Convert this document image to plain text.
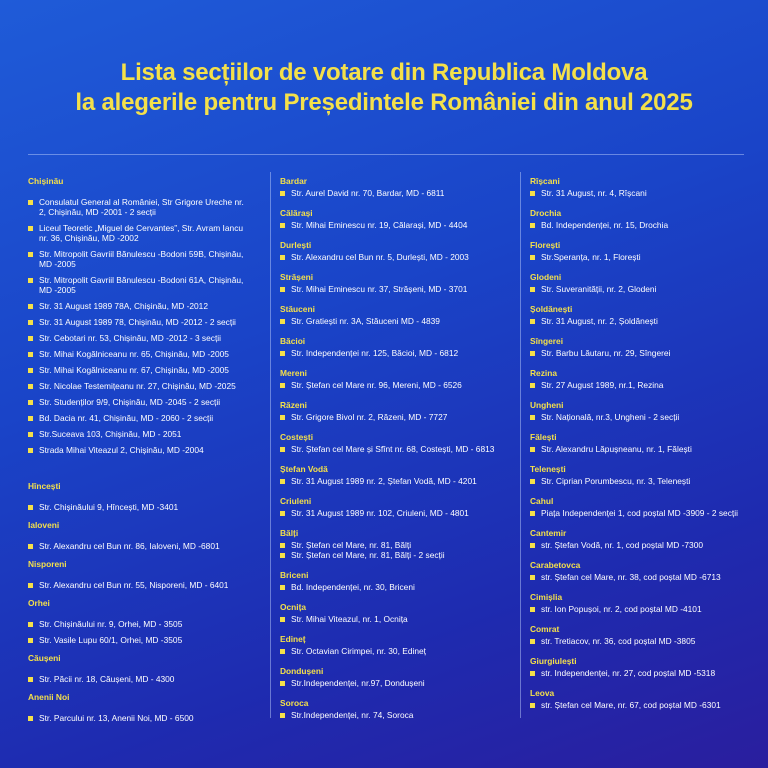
Lista secțiilor de votare din Republica Moldova
la alegerile pentru Președintele României din anul 2025
Chișinău
Consulatul General al României, Str Grigore Ureche nr. 2, Chișinău, MD -2001 - 2 secții
Liceul Teoretic „Miguel de Cervantes”, Str. Avram Iancu nr. 36, Chișinău, MD -2002
Str. Mitropolit Gavriil Bănulescu -Bodoni 59B, Chișinău, MD -2005
Str. Mitropolit Gavriil Bănulescu -Bodoni 61A, Chișinău, MD -2005
Str. 31 August 1989 78A, Chișinău, MD -2012
Str. 31 August 1989 78, Chișinău, MD -2012 - 2 secții
Str. Cebotari nr. 53, Chișinău, MD -2012 - 3 secții
Str. Mihai Kogălniceanu nr. 65, Chișinău, MD -2005
Str. Mihai Kogălniceanu nr. 67, Chișinău, MD -2005
Str. Nicolae Testemițeanu nr. 27, Chișinău, MD -2025
Str. Studenților 9/9, Chișinău, MD -2045 - 2 secții
Bd. Dacia nr. 41, Chișinău, MD - 2060 - 2 secții
Str.Suceava 103, Chișinău, MD - 2051
Strada Mihai Viteazul 2, Chișinău, MD -2004
Hîncești
Str. Chișinăului 9, Hîncești, MD -3401
Ialoveni
Str. Alexandru cel Bun nr. 86, Ialoveni, MD -6801
Nisporeni
Str. Alexandru cel Bun nr. 55, Nisporeni, MD - 6401
Orhei
Str. Chișinăului nr. 9, Orhei, MD - 3505
Str. Vasile Lupu 60/1, Orhei, MD -3505
Căușeni
Str. Păcii nr. 18, Căușeni, MD - 4300
Anenii Noi
Str. Parcului nr. 13, Anenii Noi, MD - 6500
Bardar
Str. Aurel David nr. 70, Bardar, MD - 6811
Călărași
Str. Mihai Eminescu nr. 19, Călarași, MD - 4404
Durlești
Str. Alexandru cel Bun nr. 5, Durlești, MD - 2003
Strășeni
Str. Mihai Eminescu nr. 37, Strășeni, MD - 3701
Stăuceni
Str. Gratiești nr. 3A, Stăuceni MD - 4839
Băcioi
Str. Independenței nr. 125, Băcioi, MD - 6812
Mereni
Str. Ștefan cel Mare nr. 96, Mereni, MD - 6526
Răzeni
Str. Grigore Bivol nr. 2, Răzeni, MD - 7727
Costești
Str. Ștefan cel Mare și Sfînt nr. 68, Costești, MD - 6813
Ștefan Vodă
Str. 31 August 1989 nr. 2, Ștefan Vodă, MD - 4201
Criuleni
Str. 31 August 1989 nr. 102, Criuleni, MD - 4801
Bălți
Str. Ștefan cel Mare, nr. 81, Bălți
Str. Ștefan cel Mare, nr. 81, Bălți - 2 secții
Briceni
Bd. Independenței, nr. 30, Briceni
Ocnița
Str. Mihai Viteazul, nr. 1, Ocnița
Edineț
Str. Octavian Cirimpei, nr. 30, Edineț
Dondușeni
Str.Independenței, nr.97, Dondușeni
Soroca
Str.Independenței, nr. 74, Soroca
Rîșcani
Str. 31 August, nr. 4, Rîșcani
Drochia
Bd. Independenței, nr. 15, Drochia
Florești
Str.Speranța, nr. 1, Florești
Glodeni
Str. Suveranității, nr. 2, Glodeni
Șoldănești
Str. 31 August, nr. 2, Șoldănești
Sîngerei
Str. Barbu Lăutaru, nr. 29, Sîngerei
Rezina
Str. 27 August 1989, nr.1, Rezina
Ungheni
Str. Națională, nr.3, Ungheni - 2 secții
Fălești
Str. Alexandru Lăpușneanu, nr. 1, Fălești
Telenești
Str. Ciprian Porumbescu, nr. 3, Telenești
Cahul
Piața Independenței 1, cod poștal MD -3909 - 2 secții
Cantemir
str. Ștefan Vodă, nr. 1, cod poștal MD -7300
Carabetovca
str. Ștefan cel Mare, nr. 38, cod poștal MD -6713
Cimișlia
str. Ion Popușoi, nr. 2, cod poștal MD -4101
Comrat
str. Tretiacov, nr. 36, cod poștal MD -3805
Giurgiulești
str. Independenței, nr. 27, cod poștal MD -5318
Leova
str. Ștefan cel Mare, nr. 67, cod poștal MD -6301
